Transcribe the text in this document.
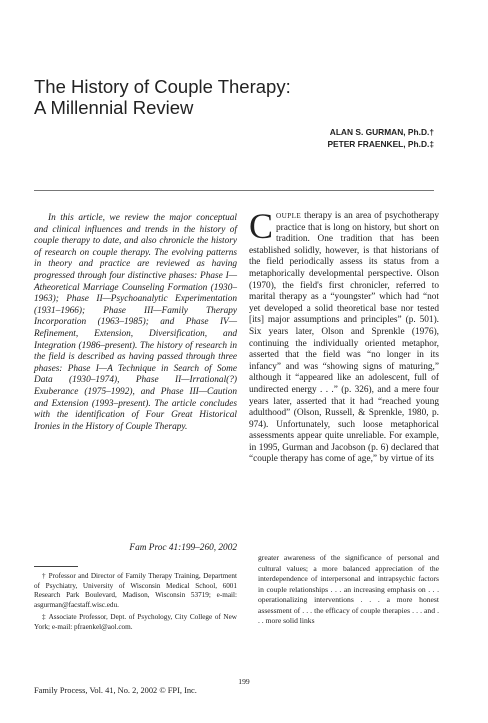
The History of Couple Therapy:
A Millennial Review
ALAN S. GURMAN, Ph.D.†
PETER FRAENKEL, Ph.D.‡

In this article, we review the major conceptual and clinical influences and trends in the history of couple therapy to date, and also chronicle the history of research on couple therapy. The evolving patterns in theory and practice are reviewed as having progressed through four distinctive phases: Phase I—Atheoretical Marriage Counseling Formation (1930–1963); Phase II—Psychoanalytic Experimentation (1931–1966); Phase III—Family Therapy Incorporation (1963–1985); and Phase IV—Refinement, Extension, Diversification, and Integration (1986–present). The history of research in the field is described as having passed through three phases: Phase I—A Technique in Search of Some Data (1930–1974), Phase II—Irrational(?) Exuberance (1975–1992), and Phase III—Caution and Extension (1993–present). The article concludes with the identification of Four Great Historical Ironies in the History of Couple Therapy.

Fam Proc 41:199–260, 2002

COUPLE therapy is an area of psychotherapy practice that is long on history, but short on tradition. One tradition that has been established solidly, however, is that historians of the field periodically assess its status from a metaphorically developmental perspective. Olson (1970), the field's first chronicler, referred to marital therapy as a “youngster” which had “not yet developed a solid theoretical base nor tested [its] major assumptions and principles” (p. 501). Six years later, Olson and Sprenkle (1976), continuing the individually oriented metaphor, asserted that the field was “no longer in its infancy” and was “showing signs of maturing,” although it “appeared like an adolescent, full of undirected energy . . .” (p. 326), and a mere four years later, asserted that it had “reached young adulthood” (Olson, Russell, & Sprenkle, 1980, p. 974). Unfortunately, such loose metaphorical assessments appear quite unreliable. For example, in 1995, Gurman and Jacobson (p. 6) declared that “couple therapy has come of age,” by virtue of its

† Professor and Director of Family Therapy Training, Department of Psychiatry, University of Wisconsin Medical School, 6001 Research Park Boulevard, Madison, Wisconsin 53719; e-mail: asgurman@facstaff.wisc.edu.

‡ Associate Professor, Dept. of Psychology, City College of New York; e-mail: pfraenkel@aol.com.

greater awareness of the significance of personal and cultural values; a more balanced appreciation of the interdependence of interpersonal and intrapsychic factors in couple relationships . . . an increasing emphasis on . . . operationalizing interventions . . . a more honest assessment of . . . the efficacy of couple therapies . . . and . . . more solid links

199
Family Process, Vol. 41, No. 2, 2002 © FPI, Inc.
